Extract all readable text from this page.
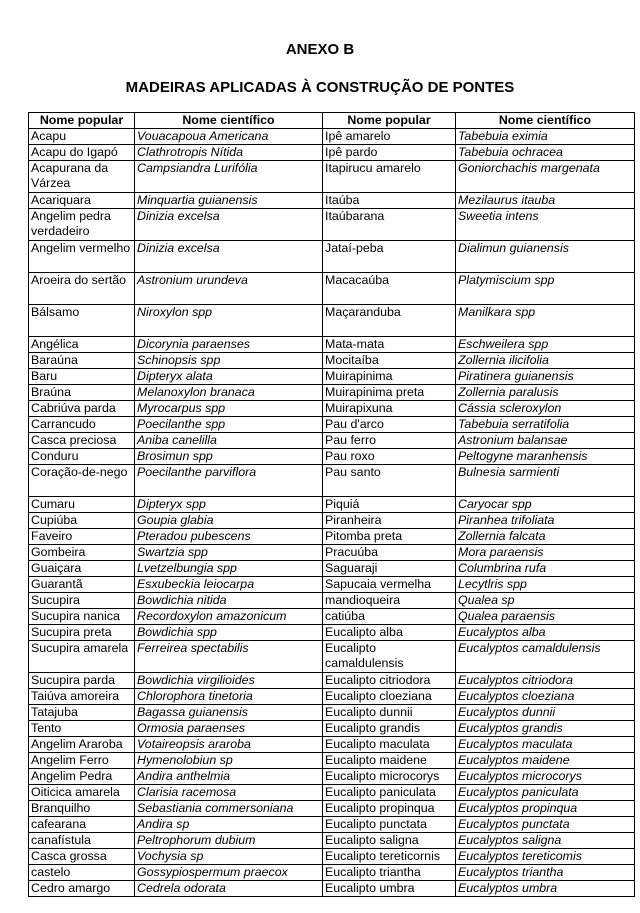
ANEXO B
MADEIRAS APLICADAS À CONSTRUÇÃO DE PONTES
Nome popular	Nome científico	Nome popular	Nome científico
Acapu	Vouacapoua Americana	Ipê amarelo	Tabebuia eximia
Acapu do Igapó	Clathrotropis Nítida	Ipê pardo	Tabebuia ochracea
Acapurana da Várzea	Campsiandra Lurifólia	Itapirucu amarelo	Goniorchachis margenata
Acariquara	Minquartia guianensis	Itaúba	Mezilaurus itauba
Angelim pedra verdadeiro	Dinizia excelsa	Itaúbarana	Sweetia intens
Angelim vermelho	Dinizia excelsa	Jataí-peba	Dialimun guianensis
Aroeira do sertão	Astronium urundeva	Macacaúba	Platymiscium spp
Bálsamo	Niroxylon spp	Maçaranduba	Manilkara spp
Angélica	Dicorynia paraenses	Mata-mata	Eschweilera spp
Baraúna	Schinopsis spp	Mocitaíba	Zollernia ilicifolia
Baru	Dipteryx alata	Muirapinima	Piratinera guianensis
Braúna	Melanoxylon branaca	Muirapinima preta	Zollernia paralusis
Cabriúva parda	Myrocarpus spp	Muirapixuna	Cássia scleroxylon
Carrancudo	Poecilanthe spp	Pau d'arco	Tabebuia serratifolia
Casca preciosa	Aniba canelilla	Pau ferro	Astronium balansae
Conduru	Brosimun spp	Pau roxo	Peltogyne maranhensis
Coração-de-nego	Poecilanthe parviflora	Pau santo	Bulnesia sarmienti
Cumaru	Dipteryx spp	Piquiá	Caryocar spp
Cupiúba	Goupia glabia	Piranheira	Piranhea trifoliata
Faveiro	Pteradou pubescens	Pitomba preta	Zollernia falcata
Gombeira	Swartzia spp	Pracuúba	Mora paraensis
Guaiçara	Lvetzelbungia spp	Saguaraji	Columbrina rufa
Guarantã	Esxubeckia leiocarpa	Sapucaia vermelha	Lecytlris spp
Sucupira	Bowdichia nitida	mandioqueira	Qualea sp
Sucupira nanica	Recordoxylon amazonicum	catiúba	Qualea paraensis
Sucupira preta	Bowdichia spp	Eucalipto alba	Eucalyptos alba
Sucupira amarela	Ferreirea spectabilis	Eucalipto camaldulensis	Eucalyptos camaldulensis
Sucupira parda	Bowdichia virgilioides	Eucalipto citriodora	Eucalyptos citriodora
Taiúva amoreira	Chlorophora tinetoria	Eucalipto cloeziana	Eucalyptos cloeziana
Tatajuba	Bagassa guianensis	Eucalipto dunnii	Eucalyptos dunnii
Tento	Ormosia paraenses	Eucalipto grandis	Eucalyptos grandis
Angelim Araroba	Votaireopsis araroba	Eucalipto maculata	Eucalyptos maculata
Angelim Ferro	Hymenolobiun sp	Eucalipto maidene	Eucalyptos maidene
Angelim Pedra	Andira anthelmia	Eucalipto microcorys	Eucalyptos microcorys
Oiticica amarela	Clarisia racemosa	Eucalipto paniculata	Eucalyptos paniculata
Branquilho	Sebastiania commersoniana	Eucalipto propinqua	Eucalyptos propinqua
cafearana	Andira sp	Eucalipto punctata	Eucalyptos punctata
canafístula	Peltrophorum dubium	Eucalipto saligna	Eucalyptos saligna
Casca grossa	Vochysia sp	Eucalipto tereticornis	Eucalyptos tereticomis
castelo	Gossypiospermum praecox	Eucalipto trianthа	Eucalyptos triantha
Cedro amargo	Cedrela odorata	Eucalipto umbra	Eucalyptos umbra
